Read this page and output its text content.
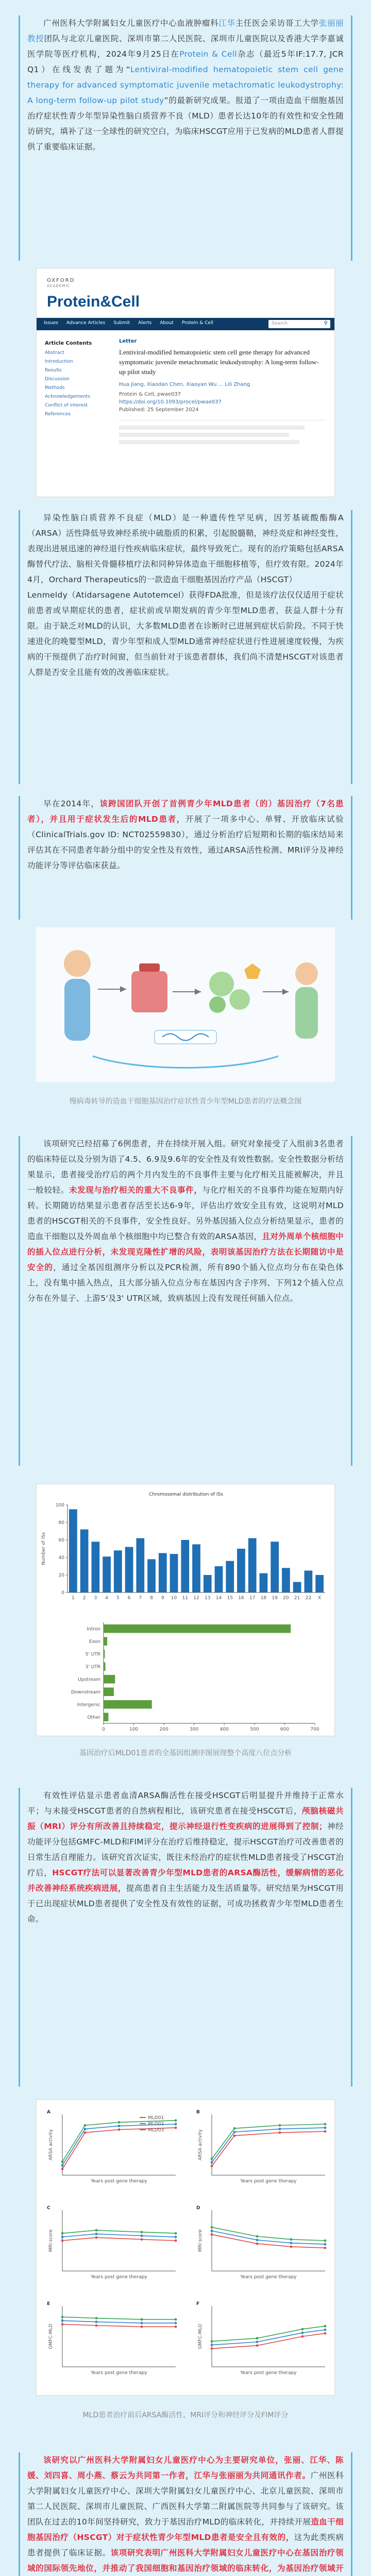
广州医科大学附属妇女儿童医疗中心血液肿瘤科江华主任医会采访哥工大学张丽丽教授团队与北京儿童医院、深圳市第二人民医院、深圳市儿童医院以及香港大学李嘉诚医学院等医疗机构，2024年9月25日在Protein & Cell杂志（最近5年IF:17.7, JCR Q1）在线发表了题为“Lentiviral-modified hematopoietic stem cell gene therapy for advanced symptomatic juvenile metachromatic leukodystrophy: A long-term follow-up pilot study”的最新研究成果。报道了一项由造血干细胞基因治疗症状性青少年型异染性脑白质营养不良（MLD）患者长达10年的有效性和安全性随访研究，填补了这一全球性的研究空白，为临床HSCGT应用于已发病的MLD患者人群提供了重要临床证据。

OXFORD
ACADEMIC
Protein&Cell
Issues Advance Articles Submit Alerts About Protein & Cell	Search	⚲
Article Contents
Abstract
Introduction
Results
Discussion
Methods
Acknowledgements
Conflict of interest
References
Letter
Lentiviral-modified hematopoietic stem cell gene therapy for advanced symptomatic juvenile metachromatic leukodystrophy: A long-term follow-up pilot study
Hua Jiang, Xiaodan Chen, Xiaoyan Wu ... Lili Zhang
Protein & Cell, pwae037
https://doi.org/10.1093/procel/pwae037
Published: 25 September 2024

异染性脑白质营养不良症（MLD）是一种遗传性罕见病，因芳基硫酸酯酶A（ARSA）活性降低导致神经系统中硫脂质的积累，引起脱髓鞘，神经炎症和神经变性，表现出进展迅速的神经退行性疾病临床症状，最终导致死亡。现有的治疗策略包括ARSA酶替代疗法、脑相关骨髓移植疗法和同种异体造血干细胞移植等，但疗效有限。2024年4月，Orchard Therapeutics的一款造血干细胞基因治疗产品（HSCGT）

Lenmeldy（Atidarsagene Autotemcel）获得FDA批准，但是该疗法仅仅适用于症状前患者或早期症状的患者，症状前或早期发病的青少年型MLD患者，获益人群十分有限。由于缺乏对MLD的认识，大多数MLD患者在诊断时已进展到症状后阶段。不同于快速进化的晚婴型MLD，青少年型和成人型MLD通常神经症状进行性进展速度较慢，为疾病的干预提供了治疗时间窗，但当前针对于该患者群体，我们尚不清楚HSCGT对该患者人群是否安全且能有效的改善临床症状。

早在2014年，该跨国团队开创了首例青少年MLD患者（的）基因治疗（7名患者），并且用于症状发生后的MLD患者，开展了一项多中心、单臂、开放临床试验（ClinicalTrials.gov ID: NCT02559830），通过分析治疗后短期和长期的临床结局来评估其在不同患者年龄分组中的安全性及有效性，通过ARSA活性检测、MRI评分及神经功能评分等评估临床获益。

慢病毒转导的造血干细胞基因治疗症状性青少年型MLD患者的疗法概念图

该项研究已经招募了6例患者，并在持续开展入组。研究对象接受了入组前3名患者的临床特征以及分别为语了4.5、6.9及9.6年的安全性及有效性数据。安全性数据分析结果显示，患者接受治疗后的两个月内发生的不良事件主要与化疗相关且能被解决，并且一般较轻。未发现与治疗相关的重大不良事件，与化疗相关的不良事件均能在短期内好转。长期随访结果显示患者存活至长达6-9年，评估出疗效安全且有效，这说明对MLD患者的HSCGT相关的不良事件，安全性良好。另外基因插入位点分析结果显示，患者的造血干细胞以及外周血单个核细胞中均已整合有效的ARSA基因，且对外周单个核细胞中的插入位点进行分析，未发现克隆性扩增的风险，表明该基因治疗方法在长期随访中是安全的，通过全基因组测序分析以及PCR检测，所有890个插入位点均分布在染色体上，没有集中插入热点，且大部分插入位点分布在基因内含子序列、下列12个插入位点分布在外显子、上游5'及3' UTR区域，致病基因上没有发现任何插入位点。

Chromosomal distribution of ISs
Number of ISs
0
20
40
60
80
100
1 2 3 4 5 6 7 8 9 10 11 12 13 14 15 16 17 18 19 20 21 22 X

0	100	200	300	400	500	600	700
Intron
Exon
5' UTR
3' UTR
Upstream
Downstream
Intergenic
Other
基因治疗后MLD01患者的全基因组测序图展现整个高度八位点分析

有效性评估显示患者血清ARSA酶活性在接受HSCGT后明显提升并维持于正常水平；与未接受HSCGT患者的自然病程相比，该研究患者在接受HSCGT后，颅脑核磁共振（MRI）评分有所改善且持续稳定，提示神经退行性变疾病的进展得到了控制；神经功能评分包括GMFC-MLD和FIM评分在治疗后维持稳定，提示HSCGT治疗可改善患者的日常生活自理能力。该研究首次证实，既往未经治疗的症状性MLD患者接受了HSCGT治疗后，HSCGT疗法可以显著改善青少年型MLD患者的ARSA酶活性，缓解病情的恶化并改善神经系统疾病进展，提高患者自主生活能力及生活质量等。研究结果为HSCGT用于已出现症状MLD患者提供了安全性及有效性的证据，可成功拯救青少年型MLD患者生命。

A
ARSA activity
Years post gene therapy
MLD01
MLD02
MLD03
B
ARSA activity
Years post gene therapy
C
MRI score
Years post gene therapy
D
MRI score
Years post gene therapy
E
GMFC-MLD
Years post gene therapy
F
GMFC-MLD
Years post gene therapy
MLD患者治疗前后ARSA酶活性、MRI评分和神经评分及FIM评分

该研究以广州医科大学附属妇女儿童医疗中心为主要研究单位，张丽、江华、陈媛、刘四喜、周小燕、蔡云为共同第一作者，江华与张丽丽为共同通讯作者。广州医科大学附属妇女儿童医疗中心、深圳大学附属妇女儿童医疗中心、北京儿童医院、深圳市第二人民医院、深圳市儿童医院、广西医科大学第二附属医院等共同参与了该研究。该团队在过去的10年间坚持研究，致力于基因治疗MLD的临床转化，并持续开展造血干细胞基因治疗（HSCGT）对于症状性青少年型MLD患者是安全且有效的，这为此类疾病患者提供了临床证据。该项研究表明广州医科大学附属妇女儿童医疗中心在基因治疗领域的国际领先地位，并推动了我国细胞和基因治疗领域的临床转化，为基因治疗领域开
